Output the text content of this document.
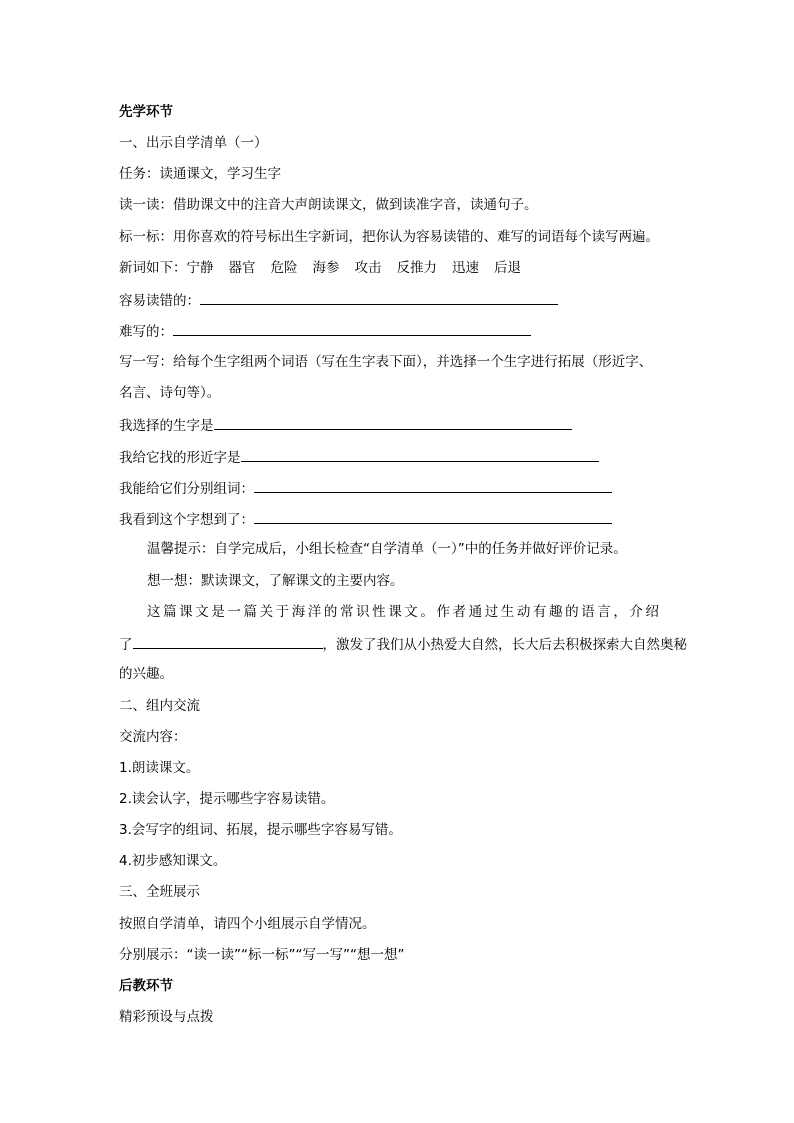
先学环节
一、出示自学清单（一）
任务：读通课文，学习生字
读一读：借助课文中的注音大声朗读课文，做到读准字音，读通句子。
标一标：用你喜欢的符号标出生字新词，把你认为容易读错的、难写的词语每个读写两遍。
新词如下：宁静 器官 危险 海参 攻击 反推力 迅速 后退
容易读错的：
难写的：
写一写：给每个生字组两个词语（写在生字表下面），并选择一个生字进行拓展（形近字、
名言、诗句等）。
我选择的生字是
我给它找的形近字是
我能给它们分别组词：
我看到这个字想到了：
温馨提示：自学完成后，小组长检查“自学清单（一）”中的任务并做好评价记录。
想一想：默读课文，了解课文的主要内容。
这篇课文是一篇关于海洋的常识性课文。作者通过生动有趣的语言，介绍
了	，激发了我们从小热爱大自然，长大后去积极探索大自然奥秘
的兴趣。
二、组内交流
交流内容：
1.朗读课文。
2.读会认字，提示哪些字容易读错。
3.会写字的组词、拓展，提示哪些字容易写错。
4.初步感知课文。
三、全班展示
按照自学清单，请四个小组展示自学情况。
分别展示：“读一读”“标一标”“写一写”“想一想”
后教环节
精彩预设与点拨
